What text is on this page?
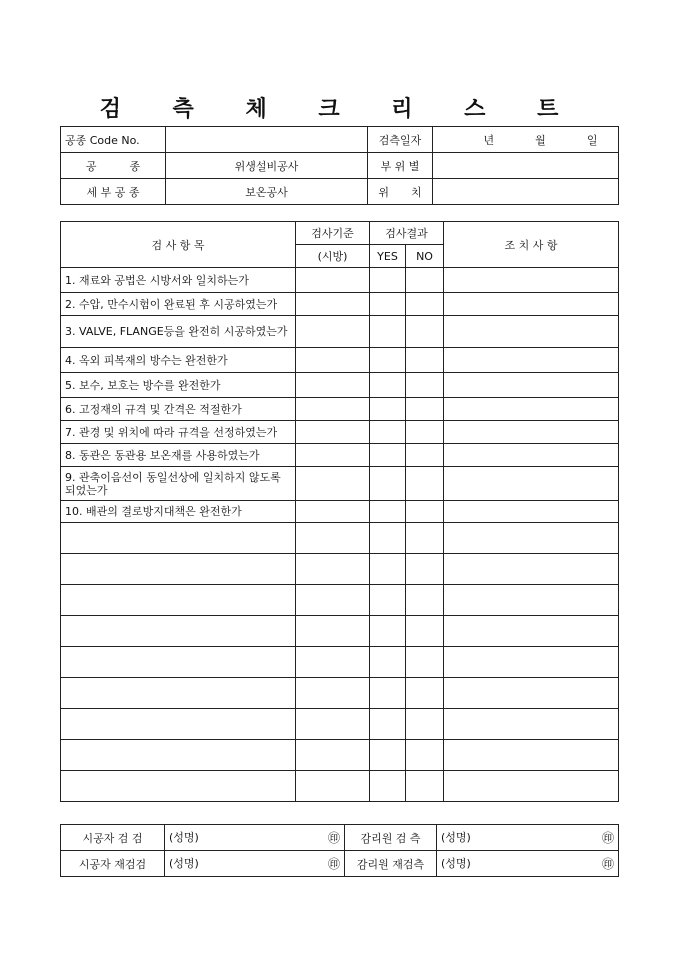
검 측 체 크 리 스 트
공종 Code No.		검측일자	년 월 일

공　　　종	위생설비공사	부 위 별	
세 부 공 종	보온공사	위　　치	
검 사 항 목	검사기준	검사결과		조 치 사 항
	(시방)	YES	NO	
1. 재료와 공법은 시방서와 일치하는가				
2. 수압, 만수시험이 완료된 후 시공하였는가				
3. VALVE, FLANGE등을 완전히 시공하였는가				
4. 옥외 피복재의 방수는 완전한가				
5. 보수, 보호는 방수를 완전한가				
6. 고정재의 규격 및 간격은 적절한가				
7. 관경 및 위치에 따라 규격을 선정하였는가				
8. 동관은 동관용 보온재를 사용하였는가				
9. 관축이음선이 동일선상에 일치하지 않도록 되었는가				
10. 배관의 결로방지대책은 완전한가				

시공자 검 검	(성명) ㊞	감리원 검 측	(성명) ㊞

시공자 재검검	(성명) ㊞	감리원 재검측	(성명) ㊞
